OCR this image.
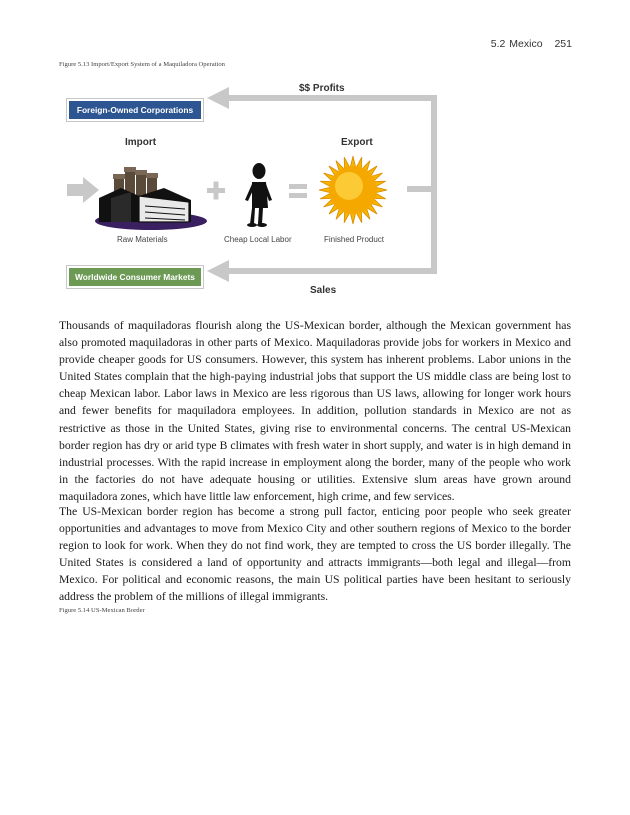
5.2 Mexico 251
Figure 5.13 Import/Export System of a Maquiladora Operation
$$ Profits
Foreign-Owned Corporations
Import	Export
Raw Materials	Cheap Local Labor	Finished Product
Worldwide Consumer Markets
Sales

Thousands of maquiladoras flourish along the US-Mexican border, although the Mexican government has also promoted maquiladoras in other parts of Mexico. Maquiladoras provide jobs for workers in Mexico and provide cheaper goods for US consumers. However, this system has inherent problems. Labor unions in the United States complain that the high-paying industrial jobs that support the US middle class are being lost to cheap Mexican labor. Labor laws in Mexico are less rigorous than US laws, allowing for longer work hours and fewer benefits for maquiladora employees. In addition, pollution standards in Mexico are not as restrictive as those in the United States, giving rise to environmental concerns. The central US-Mexican border region has dry or arid type B climates with fresh water in short supply, and water is in high demand in industrial processes. With the rapid increase in employment along the border, many of the people who work in the factories do not have adequate housing or utilities. Extensive slum areas have grown around maquiladora zones, which have little law enforcement, high crime, and few services.

The US-Mexican border region has become a strong pull factor, enticing poor people who seek greater opportunities and advantages to move from Mexico City and other southern regions of Mexico to the border region to look for work. When they do not find work, they are tempted to cross the US border illegally. The United States is considered a land of opportunity and attracts immigrants—both legal and illegal—from Mexico. For political and economic reasons, the main US political parties have been hesitant to seriously address the problem of the millions of illegal immigrants.

Figure 5.14 US-Mexican Border
